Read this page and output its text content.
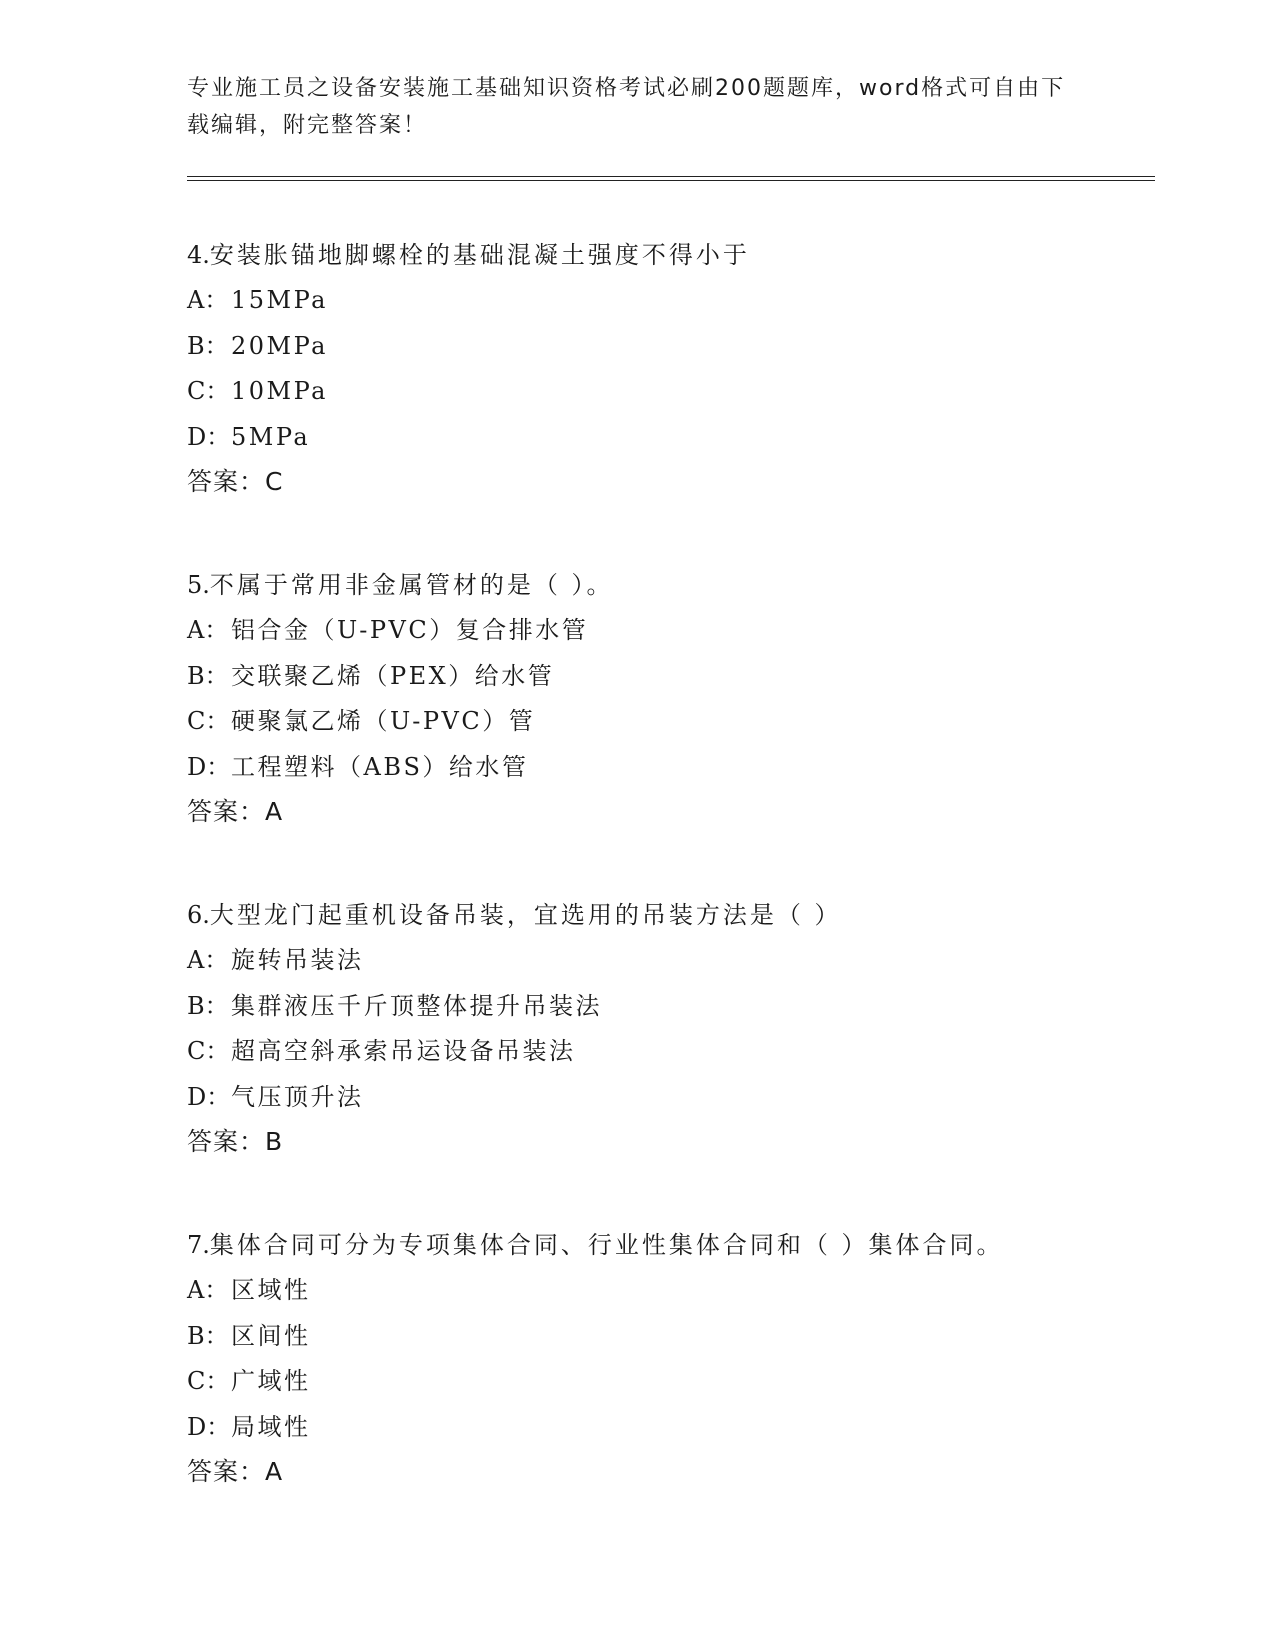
专业施工员之设备安装施工基础知识资格考试必刷200题题库，word格式可自由下载编辑，附完整答案！
4.安装胀锚地脚螺栓的基础混凝土强度不得小于
A： 15MPa
B：20MPa
C：10MPa
D：5MPa
答案：C
5.不属于常用非金属管材的是（ ）。
A： 铝合金（U-PVC）复合排水管
B：交联聚乙烯（PEX）给水管
C：硬聚氯乙烯（U-PVC）管
D：工程塑料（ABS）给水管
答案：A
6.大型龙门起重机设备吊装，宜选用的吊装方法是（ ）
A： 旋转吊装法
B：集群液压千斤顶整体提升吊装法
C：超高空斜承索吊运设备吊装法
D：气压顶升法
答案：B
7.集体合同可分为专项集体合同、行业性集体合同和（ ）集体合同。
A： 区域性
B：区间性
C：广域性
D：局域性
答案：A
